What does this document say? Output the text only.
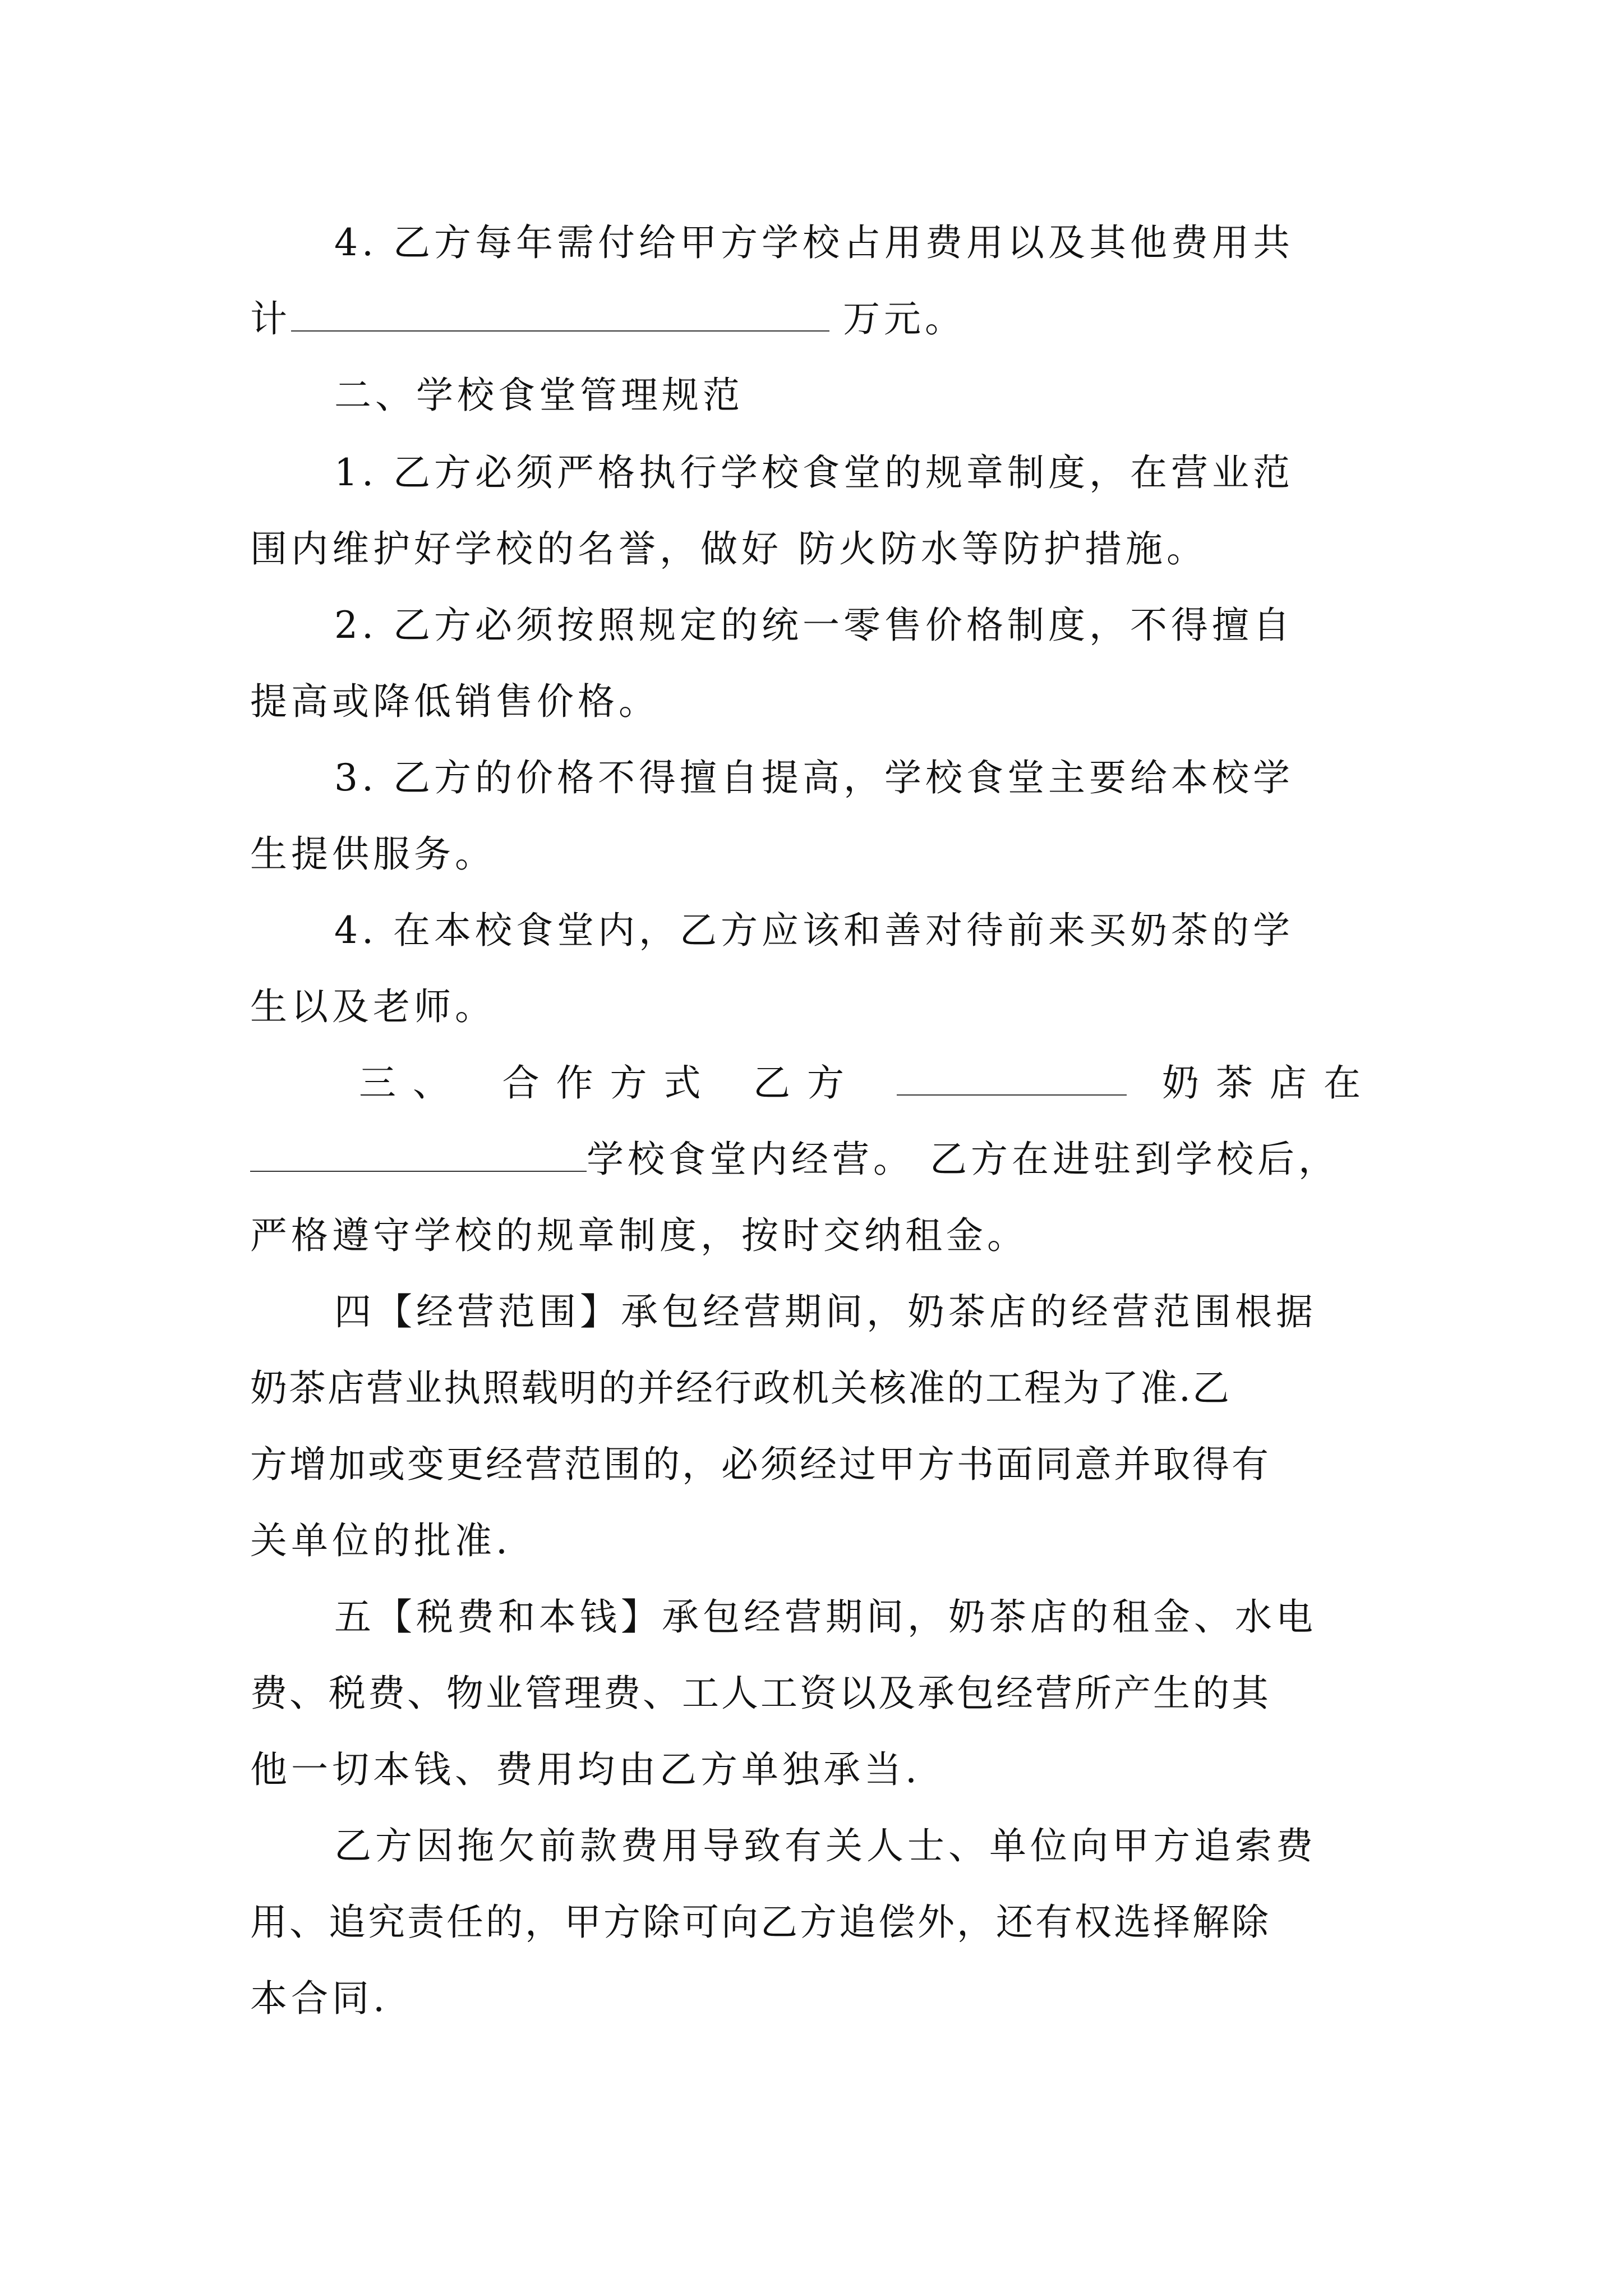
4. 乙方每年需付给甲方学校占用费用以及其他费用共
计	万元。
二、学校食堂管理规范
1. 乙方必须严格执行学校食堂的规章制度，在营业范
围内维护好学校的名誉，做好 防火防水等防护措施。
2. 乙方必须按照规定的统一零售价格制度，不得擅自
提高或降低销售价格。
3. 乙方的价格不得擅自提高，学校食堂主要给本校学
生提供服务。
4. 在本校食堂内，乙方应该和善对待前来买奶茶的学
生以及老师。
三、 合作方式 乙方	奶茶店在
学校食堂内经营。 乙方在进驻到学校后，
严格遵守学校的规章制度，按时交纳租金。
四【经营范围】承包经营期间，奶茶店的经营范围根据
奶茶店营业执照载明的并经行政机关核准的工程为了准.乙
方增加或变更经营范围的，必须经过甲方书面同意并取得有
关单位的批准.
五【税费和本钱】承包经营期间，奶茶店的租金、水电
费、税费、物业管理费、工人工资以及承包经营所产生的其
他一切本钱、费用均由乙方单独承当.
乙方因拖欠前款费用导致有关人士、单位向甲方追索费
用、追究责任的，甲方除可向乙方追偿外，还有权选择解除
本合同.
